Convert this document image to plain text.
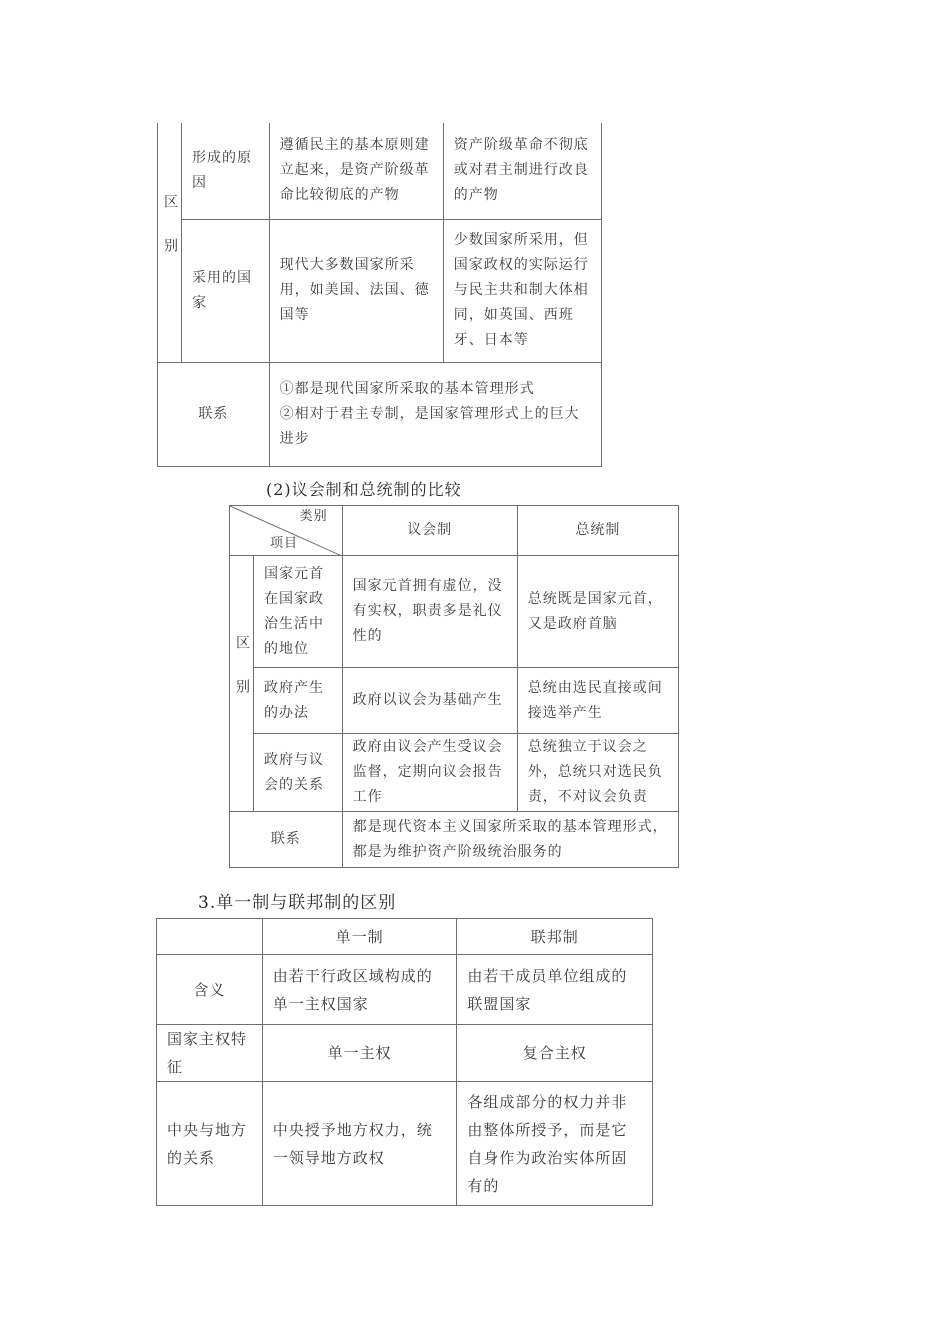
区别	形成的原因	遵循民主的基本原则建立起来，是资产阶级革命比较彻底的产物	资产阶级革命不彻底或对君主制进行改良的产物
	采用的国家	现代大多数国家所采用，如美国、法国、德国等	少数国家所采用，但国家政权的实际运行与民主共和制大体相同，如英国、西班牙、日本等
联系		①都是现代国家所采取的基本管理形式
②相对于君主专制，是国家管理形式上的巨大进步	
(2)议会制和总统制的比较
类别
项目		议会制	总统制
区别	国家元首在国家政治生活中的地位	国家元首拥有虚位，没有实权，职责多是礼仪性的	总统既是国家元首，又是政府首脑
	政府产生的办法	政府以议会为基础产生	总统由选民直接或间接选举产生
	政府与议会的关系	政府由议会产生受议会监督，定期向议会报告工作	总统独立于议会之外，总统只对选民负责，不对议会负责
联系		都是现代资本主义国家所采取的基本管理形式，都是为维护资产阶级统治服务的	
3.单一制与联邦制的区别
	单一制	联邦制
含义	由若干行政区域构成的单一主权国家	由若干成员单位组成的联盟国家
国家主权特征	单一主权	复合主权
中央与地方的关系	中央授予地方权力，统一领导地方政权	各组成部分的权力并非由整体所授予，而是它自身作为政治实体所固有的
